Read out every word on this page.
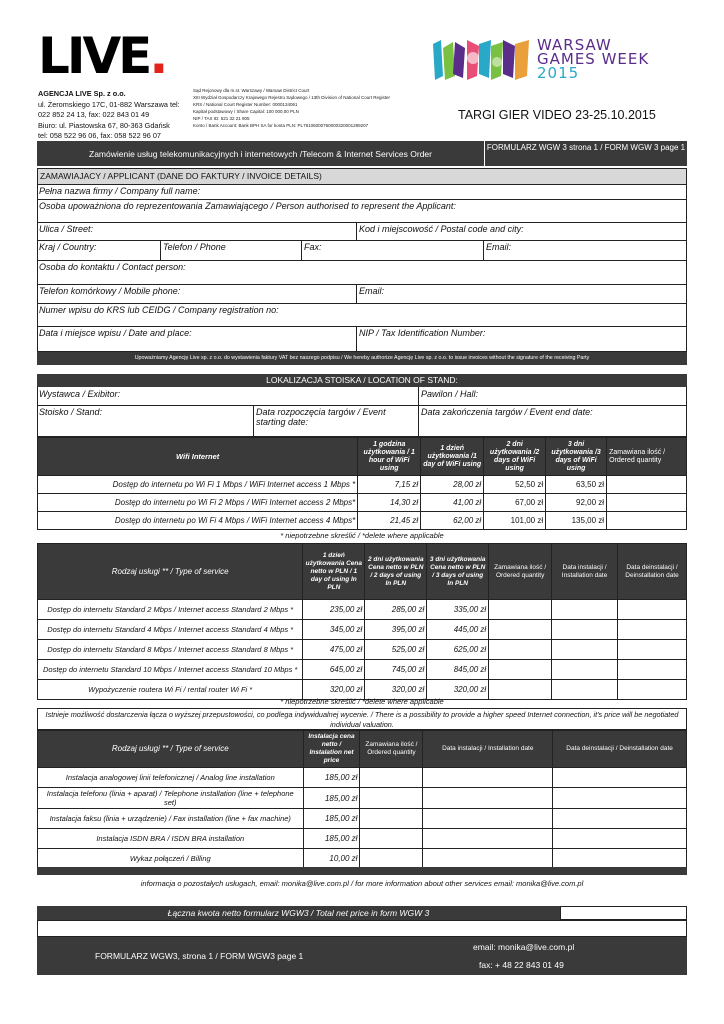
LIVE.
AGENCJA LIVE Sp. z o.o.
ul. Żeromskiego 17C, 01-882 Warszawa tel:
022 852 24 13, fax: 022 843 01 49
Biuro: ul. Piastowska 67, 80-363 Gdańsk
tel: 058 522 96 06, fax: 058 522 96 07
Sąd Rejonowy dla m.st. Warszawy / Warsaw District Court
XIII Wydział Gospodarczy Krajowego Rejestru Sądowego / 13th Division of National Court Register
KRS / National Court Register Number: 0000134061
Kapitał podstawowy / Share Capital: 100 000,00 PLN
NIP / TAX ID: 521 32 21 905
Konto / Bank Account: Bank BPH SA for konta PLN: PL78106000760000320001289207
WARSAW
GAMES WEEK
2015
TARGI GIER VIDEO 23-25.10.2015
Zamówienie usług telekomunikacyjnych i internetowych /Telecom & Internet Services Order
FORMULARZ WGW 3 strona 1 / FORM WGW 3 page 1
ZAMAWIAJACY / APPLICANT (DANE DO FAKTURY / INVOICE DETAILS)
Pełna nazwa firmy / Company full name:
Osoba upoważniona do reprezentowania Zamawiającego / Person authorised to represent the Applicant:
Ulica / Street:	Kod i miejscowość / Postal code and city:
Kraj / Country:	Telefon / Phone	Fax:	Email:
Osoba do kontaktu / Contact person:
Telefon komórkowy / Mobile phone:	Email:
Numer wpisu do KRS lub CEIDG / Company registration no:
Data i miejsce wpisu / Date and place:	NIP / Tax Identification Number:
Upoważniamy Agencję Live sp. z o.o. do wystawienia faktury VAT bez naszego podpisu / We hereby authorize Agencję Live sp. z o.o. to issue invoices without the signature of the receiving Party
LOKALIZACJA STOISKA / LOCATION OF STAND:
Wystawca / Exibitor:	Pawilon / Hall:
Stoisko / Stand:	Data rozpoczęcia targów / Event starting date:
Data zakończenia targów / Event end date:
Wifi Internet	1 godzina użytkowania / 1 hour of WiFi using	1 dzień użytkowania /1 day of WiFi using	2 dni użytkowania /2 days of WiFi using	3 dni użytkowania /3 days of WiFi using	Zamawiana ilość / Ordered quantity
Dostęp do internetu po Wi Fi 1 Mbps / WiFi Internet access 1 Mbps *	7,15 zł	28,00 zł	52,50 zł	63,50 zł	
Dostęp do internetu po Wi Fi 2 Mbps / WiFi Internet access 2 Mbps*	14,30 zł	41,00 zł	67,00 zł	92,00 zł	
Dostęp do internetu po Wi Fi 4 Mbps / WiFi Internet access 4 Mbps*	21,45 zł	62,00 zł	101,00 zł	135,00 zł	
* niepotrzebne skreślić / *delete where applicable
Rodzaj usługi ** / Type of service	1 dzień użytkowania Cena netto w PLN / 1 day of using In PLN	2 dni użytkowania Cena netto w PLN / 2 days of using In PLN	3 dni użytkowania Cena netto w PLN / 3 days of using In PLN	Zamawiana ilość / Ordered quantity	Data instalacji / Installation date	Data deinstalacji / Deinstallation date
Dostęp do internetu Standard 2 Mbps / Internet access Standard 2 Mbps *	235,00 zł	285,00 zł	335,00 zł			
Dostęp do internetu Standard 4 Mbps / Internet access Standard 4 Mbps *	345,00 zł	395,00 zł	445,00 zł			
Dostęp do internetu Standard 8 Mbps / Internet access Standard 8 Mbps *	475,00 zł	525,00 zł	625,00 zł			
Dostęp do internetu Standard 10 Mbps / Internet access Standard 10 Mbps *	645,00 zł	745,00 zł	845,00 zł			
Wypożyczenie routera Wi Fi / rental router Wi Fi *	320,00 zł	320,00 zł	320,00 zł			
* niepotrzebne skreślić / *delete where applicable
Istnieje możliwość dostarczenia łącza o wyższej przepustowości, co podlega indywidualnej wycenie. / There is a possibility to provide a higher speed Internet connection, it's price will be negotiated individual valuation.
Rodzaj usługi ** / Type of service	Instalacja cena netto / Instalation net price	Zamawiana ilość / Ordered quantity	Data instalacji / Installation date	Data deinstalacji / Deinstallation date
Instalacja analogowej linii telefonicznej / Analog line installation	185,00 zł			
Instalacja telefonu (linia + aparat) / Telephone installation (line + telephone set)	185,00 zł			
Instalacja faksu (linia + urządzenie) / Fax installation (line + fax machine)	185,00 zł			
Instalacja ISDN BRA / ISDN BRA installation	185,00 zł			
Wykaz połączeń / Billing	10,00 zł			
informacja o pozostałych usługach, email: monika@live.com.pl / for more information about other services email: monika@live.com.pl
Łączna kwota netto formularz WGW3 / Total net price in form WGW 3
FORMULARZ WGW3, strona 1 / FORM WGW3 page 1
email: monika@live.com.pl
fax: + 48 22 843 01 49
